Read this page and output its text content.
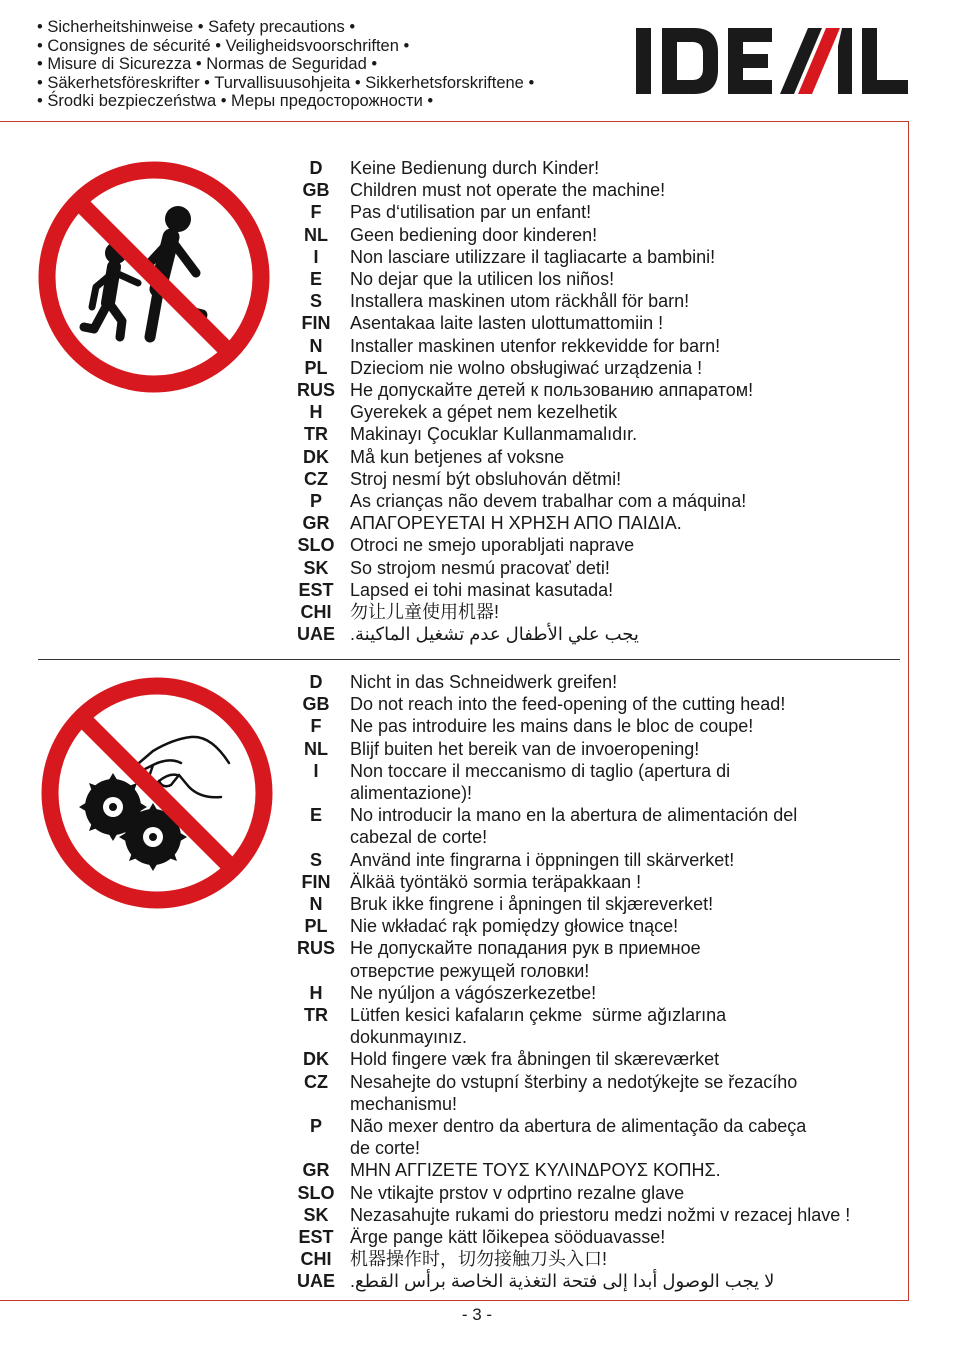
• Sicherheitshinweise • Safety precautions •
• Consignes de sécurité • Veiligheidsvoorschriften •
• Misure di Sicurezza • Normas de Seguridad •
• Säkerhetsföreskrifter • Turvallisuusohjeita • Sikkerhetsforskriftene •
• Środki bezpieczeństwa • Меры предосторожности •
D	Keine Bedienung durch Kinder!
GB	Children must not operate the machine!
F	Pas d‘utilisation par un enfant!
NL	Geen bediening door kinderen!
I	Non lasciare utilizzare il tagliacarte a bambini!
E	No dejar que la utilicen los niños!
S	Installera maskinen utom räckhåll för barn!
FIN	Asentakaa laite lasten ulottumattomiin !
N	Installer maskinen utenfor rekkevidde for barn!
PL	Dzieciom nie wolno obsługiwać urządzenia !
RUS Не допускайте детей к пользованию аппаратом!
H	Gyerekek a gépet nem kezelhetik
TR	Makinayı Çocuklar Kullanmamalıdır.
DK	Må kun betjenes af voksne
CZ	Stroj nesmí být obsluhován dětmi!
P	As crianças não devem trabalhar com a máquina!
GR	ΑΠΑΓΟΡΕΥΕΤΑΙ Η ΧΡΗΣΗ ΑΠΟ ΠΑΙΔΙΑ.
SLO Otroci ne smejo uporabljati naprave
SK	So strojom nesmú pracovať deti!
EST Lapsed ei tohi masinat kasutada!
CHI	勿让儿童使用机器!
UAE .يجب علي الأطفال عدم تشغيل الماكينة
D	Nicht in das Schneidwerk greifen!
GB	Do not reach into the feed-opening of the cutting head!
F	Ne pas introduire les mains dans le bloc de coupe!
NL	Blijf buiten het bereik van de invoeropening!
I	Non toccare il meccanismo di taglio (apertura di
alimentazione)!
E	No introducir la mano en la abertura de alimentación del
cabezal de corte!
S	Använd inte fingrarna i öppningen till skärverket!
FIN	Älkää työntäkö sormia teräpakkaan !
N	Bruk ikke fingrene i åpningen til skjæreverket!
PL	Nie wkładać rąk pomiędzy głowice tnące!
RUS Не допускайте попадания рук в приемное
отверстие режущей головки!
H	Ne nyúljon a vágószerkezetbe!
TR	Lütfen kesici kafaların çekme  sürme ağızlarına
dokunmayınız.
DK	Hold fingere væk fra åbningen til skæreværket
CZ	Nesahejte do vstupní šterbiny a nedotýkejte se řezacího
mechanismu!
P	Não mexer dentro da abertura de alimentação da cabeça
de corte!
GR	ΜΗΝ ΑΓΓΙΖΕΤΕ ΤΟΥΣ ΚΥΛΙΝΔΡΟΥΣ ΚΟΠΗΣ.
SLO Ne vtikajte prstov v odprtino rezalne glave
SK	Nezasahujte rukami do priestoru medzi nožmi v rezacej hlave !
EST Ärge pange kätt lõikepea sööduavasse!
CHI	机器操作时，切勿接触刀头入口!
UAE .لا يجب الوصول أبدا إلى فتحة التغذية الخاصة برأس القطع
- 3 -
